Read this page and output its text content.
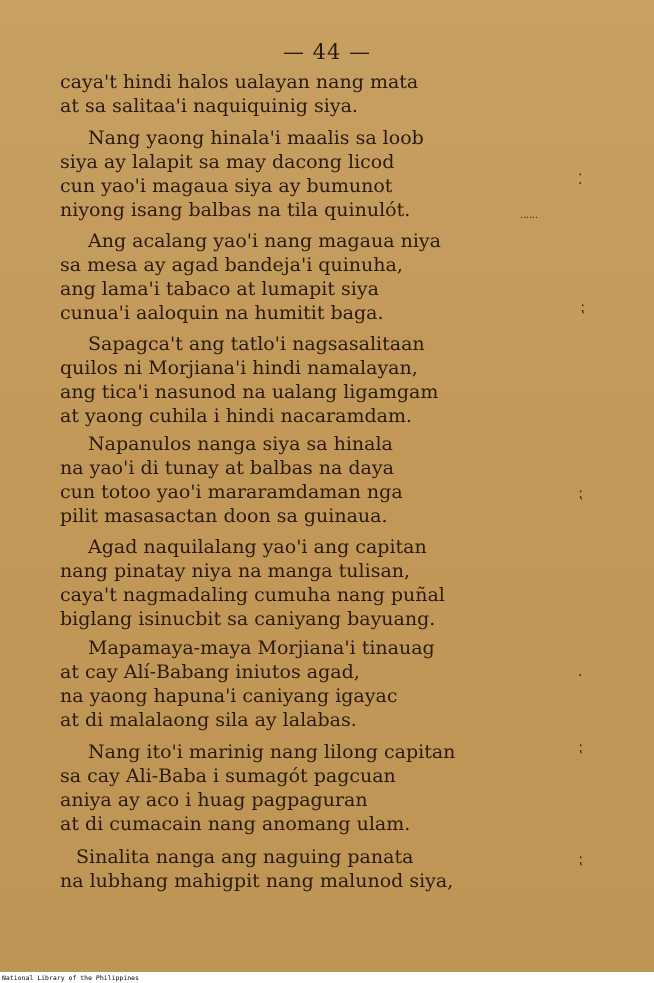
— 44 —
caya't hindi halos ualayan nang mata
at sa salitaa'i naquiquinig siya.
Nang yaong hinala'i maalis sa loob
siya ay lalapit sa may dacong licod
cun yao'i magaua siya ay bumunot
niyong isang balbas na tila quinulót.
Ang acalang yao'i nang magaua niya
sa mesa ay agad bandeja'i quinuha,
ang lama'i tabaco at lumapit siya
cunua'i aaloquin na humitit baga.
Sapagca't ang tatlo'i nagsasalitaan
quilos ni Morjiana'i hindi namalayan,
ang tica'i nasunod na ualang ligamgam
at yaong cuhila i hindi nacaramdam.
Napanulos nanga siya sa hinala
na yao'i di tunay at balbas na daya
cun totoo yao'i mararamdaman nga
pilit masasactan doon sa guinaua.
Agad naquilalang yao'i ang capitan
nang pinatay niya na manga tulisan,
caya't nagmadaling cumuha nang puñal
biglang isinucbit sa caniyang bayuang.
Mapamaya-maya Morjiana'i tinauag
at cay Alí-Babang iniutos agad,
na yaong hapuna'i caniyang igayac
at di malalaong sila ay lalabas.
Nang ito'i marinig nang lilong capitan
sa cay Ali-Baba i sumagót pagcuan
aniya ay aco i huag pagpaguran
at di cumacain nang anomang ulam.
Sinalita nanga ang naguing panata
na lubhang mahigpit nang malunod siya,
⁚
‥‥‥
⁏
⁏
·
⁏
⁏
National Library of the Philippines
